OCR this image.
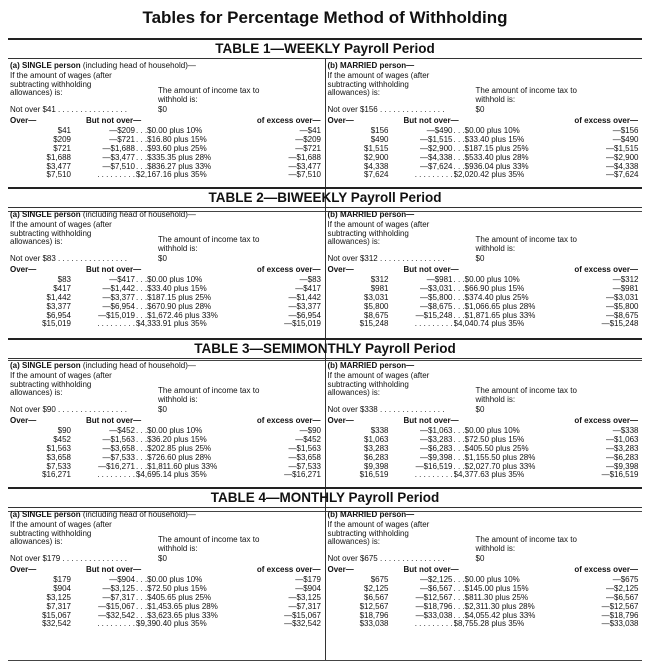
Tables for Percentage Method of Withholding
TABLE 1—WEEKLY Payroll Period
(a) SINGLE person (including head of household)—
If the amount of wages (after subtracting withholding allowances) is:	The amount of income tax to withhold is:
Not over $41 . . . . . . . . . . . . . . . .	$0
Over—	But not over—	of excess over—
$41	—$209 . . .$0.00 plus 10%	—$41
$209	—$721 . . .$16.80 plus 15%	—$209
$721	—$1,688 . . .$93.60 plus 25%	—$721
$1,688	—$3,477 . . .$335.35 plus 28%	—$1,688
$3,477	—$7,510 . . .$836.27 plus 33%	—$3,477
$7,510	. . . . . . . . . $2,167.16 plus 35%	—$7,510
(b) MARRIED person—
If the amount of wages (after subtracting withholding allowances) is:	The amount of income tax to withhold is:
Not over $156 . . . . . . . . . . . . . . .	$0
Over—	But not over—	of excess over—
$156	—$490 . . .$0.00 plus 10%	—$156
$490	—$1,515 . . .$33.40 plus 15%	—$490
$1,515	—$2,900 . . .$187.15 plus 25%	—$1,515
$2,900	—$4,338 . . .$533.40 plus 28%	—$2,900
$4,338	—$7,624 . . .$936.04 plus 33%	—$4,338
$7,624	. . . . . . . . . $2,020.42 plus 35%	—$7,624
TABLE 2—BIWEEKLY Payroll Period
(a) SINGLE person (including head of household)—
If the amount of wages (after subtracting withholding allowances) is:	The amount of income tax to withhold is:
Not over $83 . . . . . . . . . . . . . . . .	$0
Over—	But not over—	of excess over—
$83	—$417 . . .$0.00 plus 10%	—$83
$417	—$1,442 . . .$33.40 plus 15%	—$417
$1,442	—$3,377 . . .$187.15 plus 25%	—$1,442
$3,377	—$6,954 . . .$670.90 plus 28%	—$3,377
$6,954	—$15,019 . . .$1,672.46 plus 33%	—$6,954
$15,019	. . . . . . . . . $4,333.91 plus 35%	—$15,019
(b) MARRIED person—
If the amount of wages (after subtracting withholding allowances) is:	The amount of income tax to withhold is:
Not over $312 . . . . . . . . . . . . . . .	$0
Over—	But not over—	of excess over—
$312	—$981 . . .$0.00 plus 10%	—$312
$981	—$3,031 . . .$66.90 plus 15%	—$981
$3,031	—$5,800 . . .$374.40 plus 25%	—$3,031
$5,800	—$8,675 . . .$1,066.65 plus 28%	—$5,800
$8,675	—$15,248 . . .$1,871.65 plus 33%	—$8,675
$15,248	. . . . . . . . . $4,040.74 plus 35%	—$15,248
TABLE 3—SEMIMONTHLY Payroll Period
(a) SINGLE person (including head of household)—
If the amount of wages (after subtracting withholding allowances) is:	The amount of income tax to withhold is:
Not over $90 . . . . . . . . . . . . . . . .	$0
Over—	But not over—	of excess over—
$90	—$452 . . .$0.00 plus 10%	—$90
$452	—$1,563 . . .$36.20 plus 15%	—$452
$1,563	—$3,658 . . .$202.85 plus 25%	—$1,563
$3,658	—$7,533 . . .$726.60 plus 28%	—$3,658
$7,533	—$16,271 . . .$1,811.60 plus 33%	—$7,533
$16,271	. . . . . . . . . $4,695.14 plus 35%	—$16,271
(b) MARRIED person—
If the amount of wages (after subtracting withholding allowances) is:	The amount of income tax to withhold is:
Not over $338 . . . . . . . . . . . . . . .	$0
Over—	But not over—	of excess over—
$338	—$1,063 . . .$0.00 plus 10%	—$338
$1,063	—$3,283 . . .$72.50 plus 15%	—$1,063
$3,283	—$6,283 . . .$405.50 plus 25%	—$3,283
$6,283	—$9,398 . . .$1,155.50 plus 28%	—$6,283
$9,398	—$16,519 . . .$2,027.70 plus 33%	—$9,398
$16,519	. . . . . . . . . $4,377.63 plus 35%	—$16,519
TABLE 4—MONTHLY Payroll Period
(a) SINGLE person (including head of household)—
If the amount of wages (after subtracting withholding allowances) is:	The amount of income tax to withhold is:
Not over $179 . . . . . . . . . . . . . . .	$0
Over—	But not over—	of excess over—
$179	—$904 . . .$0.00 plus 10%	—$179
$904	—$3,125 . . .$72.50 plus 15%	—$904
$3,125	—$7,317 . . .$405.65 plus 25%	—$3,125
$7,317	—$15,067 . . .$1,453.65 plus 28%	—$7,317
$15,067	—$32,542 . . .$3,623.65 plus 33%	—$15,067
$32,542	. . . . . . . . . $9,390.40 plus 35%	—$32,542
(b) MARRIED person—
If the amount of wages (after subtracting withholding allowances) is:	The amount of income tax to withhold is:
Not over $675 . . . . . . . . . . . . . . .	$0
Over—	But not over—	of excess over—
$675	—$2,125 . . .$0.00 plus 10%	—$675
$2,125	—$6,567 . . .$145.00 plus 15%	—$2,125
$6,567	—$12,567 . . .$811.30 plus 25%	—$6,567
$12,567	—$18,796 . . .$2,311.30 plus 28%	—$12,567
$18,796	—$33,038 . . .$4,055.42 plus 33%	—$18,796
$33,038	. . . . . . . . . $8,755.28 plus 35%	—$33,038
